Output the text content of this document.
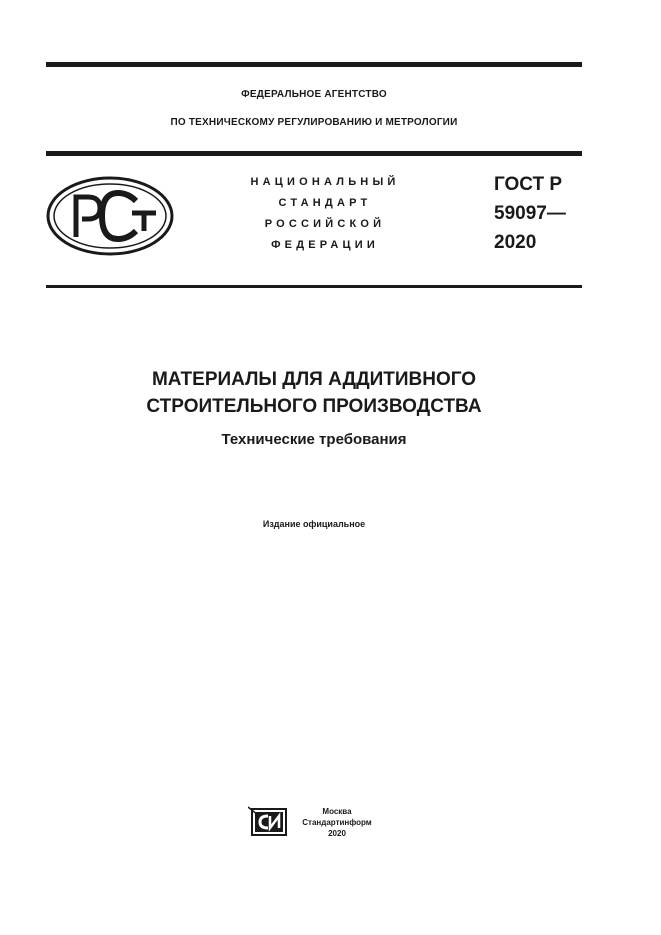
ФЕДЕРАЛЬНОЕ АГЕНТСТВО
ПО ТЕХНИЧЕСКОМУ РЕГУЛИРОВАНИЮ И МЕТРОЛОГИИ
НАЦИОНАЛЬНЫЙ
СТАНДАРТ
РОССИЙСКОЙ
ФЕДЕРАЦИИ
ГОСТ Р
59097—
2020
МАТЕРИАЛЫ ДЛЯ АДДИТИВНОГО
СТРОИТЕЛЬНОГО ПРОИЗВОДСТВА
Технические требования
Издание официальное
Москва
Стандартинформ
2020
